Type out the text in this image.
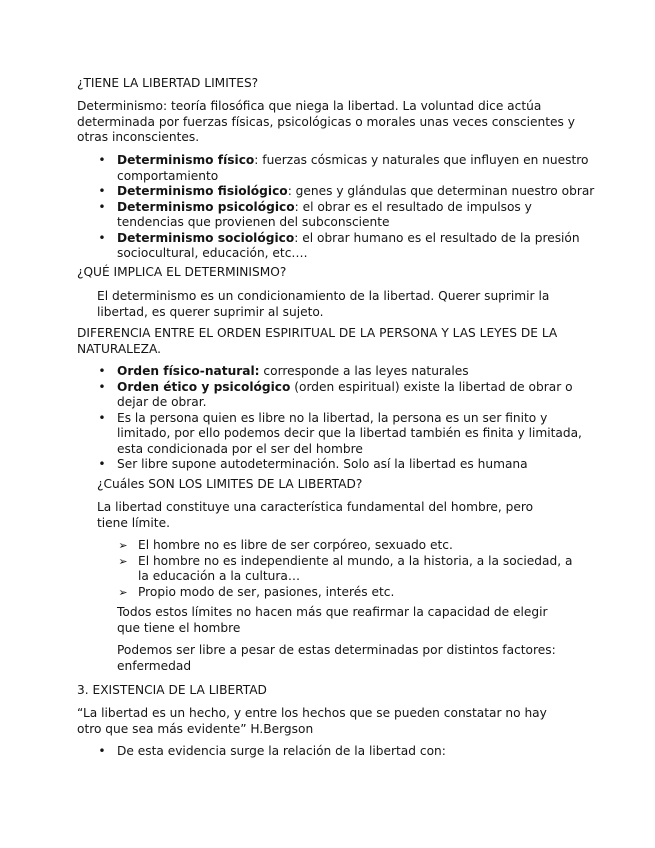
¿TIENE LA LIBERTAD LIMITES?

Determinismo: teoría filosófica que niega la libertad. La voluntad dice actúa determinada por fuerzas físicas, psicológicas o morales unas veces conscientes y otras inconscientes.

• Determinismo físico: fuerzas cósmicas y naturales que influyen en nuestro comportamiento
• Determinismo fisiológico: genes y glándulas que determinan nuestro obrar
• Determinismo psicológico: el obrar es el resultado de impulsos y tendencias que provienen del subconsciente
• Determinismo sociológico: el obrar humano es el resultado de la presión sociocultural, educación, etc….
¿QUÉ IMPLICA EL DETERMINISMO?

El determinismo es un condicionamiento de la libertad. Querer suprimir la libertad, es querer suprimir al sujeto.

DIFERENCIA ENTRE EL ORDEN ESPIRITUAL DE LA PERSONA Y LAS LEYES DE LA NATURALEZA.

• Orden físico-natural: corresponde a las leyes naturales
• Orden ético y psicológico (orden espiritual) existe la libertad de obrar o dejar de obrar.
• Es la persona quien es libre no la libertad, la persona es un ser finito y limitado, por ello podemos decir que la libertad también es finita y limitada, esta condicionada por el ser del hombre
• Ser libre supone autodeterminación. Solo así la libertad es humana
¿Cuáles SON LOS LIMITES DE LA LIBERTAD?

La libertad constituye una característica fundamental del hombre, pero tiene límite.

➢ El hombre no es libre de ser corpóreo, sexuado etc.
➢ El hombre no es independiente al mundo, a la historia, a la sociedad, a la educación a la cultura…
➢ Propio modo de ser, pasiones, interés etc.

Todos estos límites no hacen más que reafirmar la capacidad de elegir que tiene el hombre

Podemos ser libre a pesar de estas determinadas por distintos factores: enfermedad

3. EXISTENCIA DE LA LIBERTAD

“La libertad es un hecho, y entre los hechos que se pueden constatar no hay otro que sea más evidente” H.Bergson

• De esta evidencia surge la relación de la libertad con:
